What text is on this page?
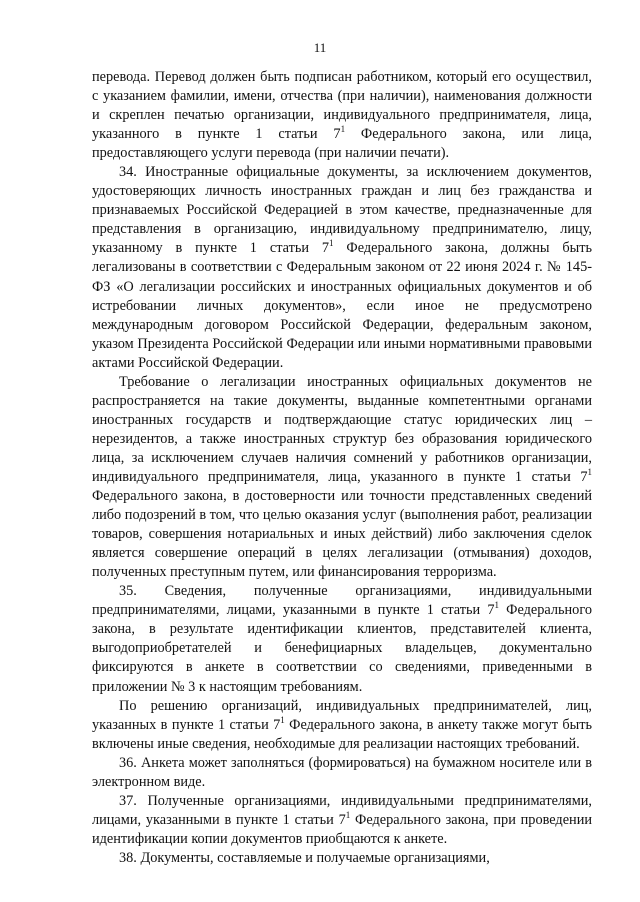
11

перевода. Перевод должен быть подписан работником, который его осуществил, с указанием фамилии, имени, отчества (при наличии), наименования должности и скреплен печатью организации, индивидуального предпринимателя, лица, указанного в пункте 1 статьи $7^1$ Федерального закона, или лица, предоставляющего услуги перевода (при наличии печати).

34. Иностранные официальные документы, за исключением документов, удостоверяющих личность иностранных граждан и лиц без гражданства и признаваемых Российской Федерацией в этом качестве, предназначенные для представления в организацию, индивидуальному предпринимателю, лицу, указанному в пункте 1 статьи $7^1$ Федерального закона, должны быть легализованы в соответствии с Федеральным законом от 22 июня 2024 г. № 145-ФЗ «О легализации российских и иностранных официальных документов и об истребовании личных документов», если иное не предусмотрено международным договором Российской Федерации, федеральным законом, указом Президента Российской Федерации или иными нормативными правовыми актами Российской Федерации.

Требование о легализации иностранных официальных документов не распространяется на такие документы, выданные компетентными органами иностранных государств и подтверждающие статус юридических лиц – нерезидентов, а также иностранных структур без образования юридического лица, за исключением случаев наличия сомнений у работников организации, индивидуального предпринимателя, лица, указанного в пункте 1 статьи $7^1$ Федерального закона, в достоверности или точности представленных сведений либо подозрений в том, что целью оказания услуг (выполнения работ, реализации товаров, совершения нотариальных и иных действий) либо заключения сделок является совершение операций в целях легализации (отмывания) доходов, полученных преступным путем, или финансирования терроризма.

35. Сведения, полученные организациями, индивидуальными предпринимателями, лицами, указанными в пункте 1 статьи $7^1$ Федерального закона, в результате идентификации клиентов, представителей клиента, выгодоприобретателей и бенефициарных владельцев, документально фиксируются в анкете в соответствии со сведениями, приведенными в приложении № 3 к настоящим требованиям.

По решению организаций, индивидуальных предпринимателей, лиц, указанных в пункте 1 статьи $7^1$ Федерального закона, в анкету также могут быть включены иные сведения, необходимые для реализации настоящих требований.

36. Анкета может заполняться (формироваться) на бумажном носителе или в электронном виде.

37. Полученные организациями, индивидуальными предпринимателями, лицами, указанными в пункте 1 статьи $7^1$ Федерального закона, при проведении идентификации копии документов приобщаются к анкете.

38. Документы, составляемые и получаемые организациями,
